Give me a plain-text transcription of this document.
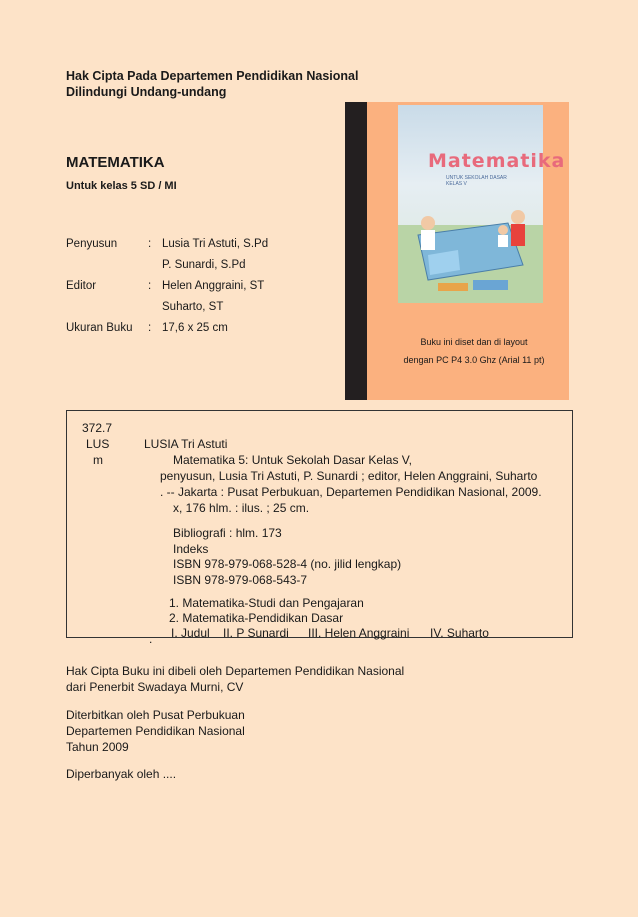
Hak Cipta Pada Departemen Pendidikan Nasional
Dilindungi Undang-undang
MATEMATIKA
Untuk kelas 5 SD / MI
Penyusun	: Lusia Tri Astuti, S.Pd
P. Sunardi, S.Pd
Editor	: Helen Anggraini, ST
Suharto, ST
Ukuran Buku	: 17,6 x 25 cm
Matematika
UNTUK SEKOLAH DASAR
KELAS V
Buku ini diset dan di layout
dengan PC P4 3.0 Ghz (Arial 11 pt)
372.7
LUS
m
LUSIA Tri Astuti
Matematika 5: Untuk Sekolah Dasar Kelas V,
penyusun, Lusia Tri Astuti, P. Sunardi ; editor, Helen Anggraini, Suharto
. -- Jakarta : Pusat Perbukuan, Departemen Pendidikan Nasional, 2009.
x, 176 hlm. : ilus. ; 25 cm.
Bibliografi : hlm. 173
Indeks
ISBN 978-979-068-528-4 (no. jilid lengkap)
ISBN 978-979-068-543-7
1. Matematika-Studi dan Pengajaran
2. Matematika-Pendidikan Dasar
I. Judul II. P Sunardi III. Helen Anggraini IV. Suharto
.
Hak Cipta Buku ini dibeli oleh Departemen Pendidikan Nasional
dari Penerbit Swadaya Murni, CV
Diterbitkan oleh Pusat Perbukuan
Departemen Pendidikan Nasional
Tahun 2009
Diperbanyak oleh ....
